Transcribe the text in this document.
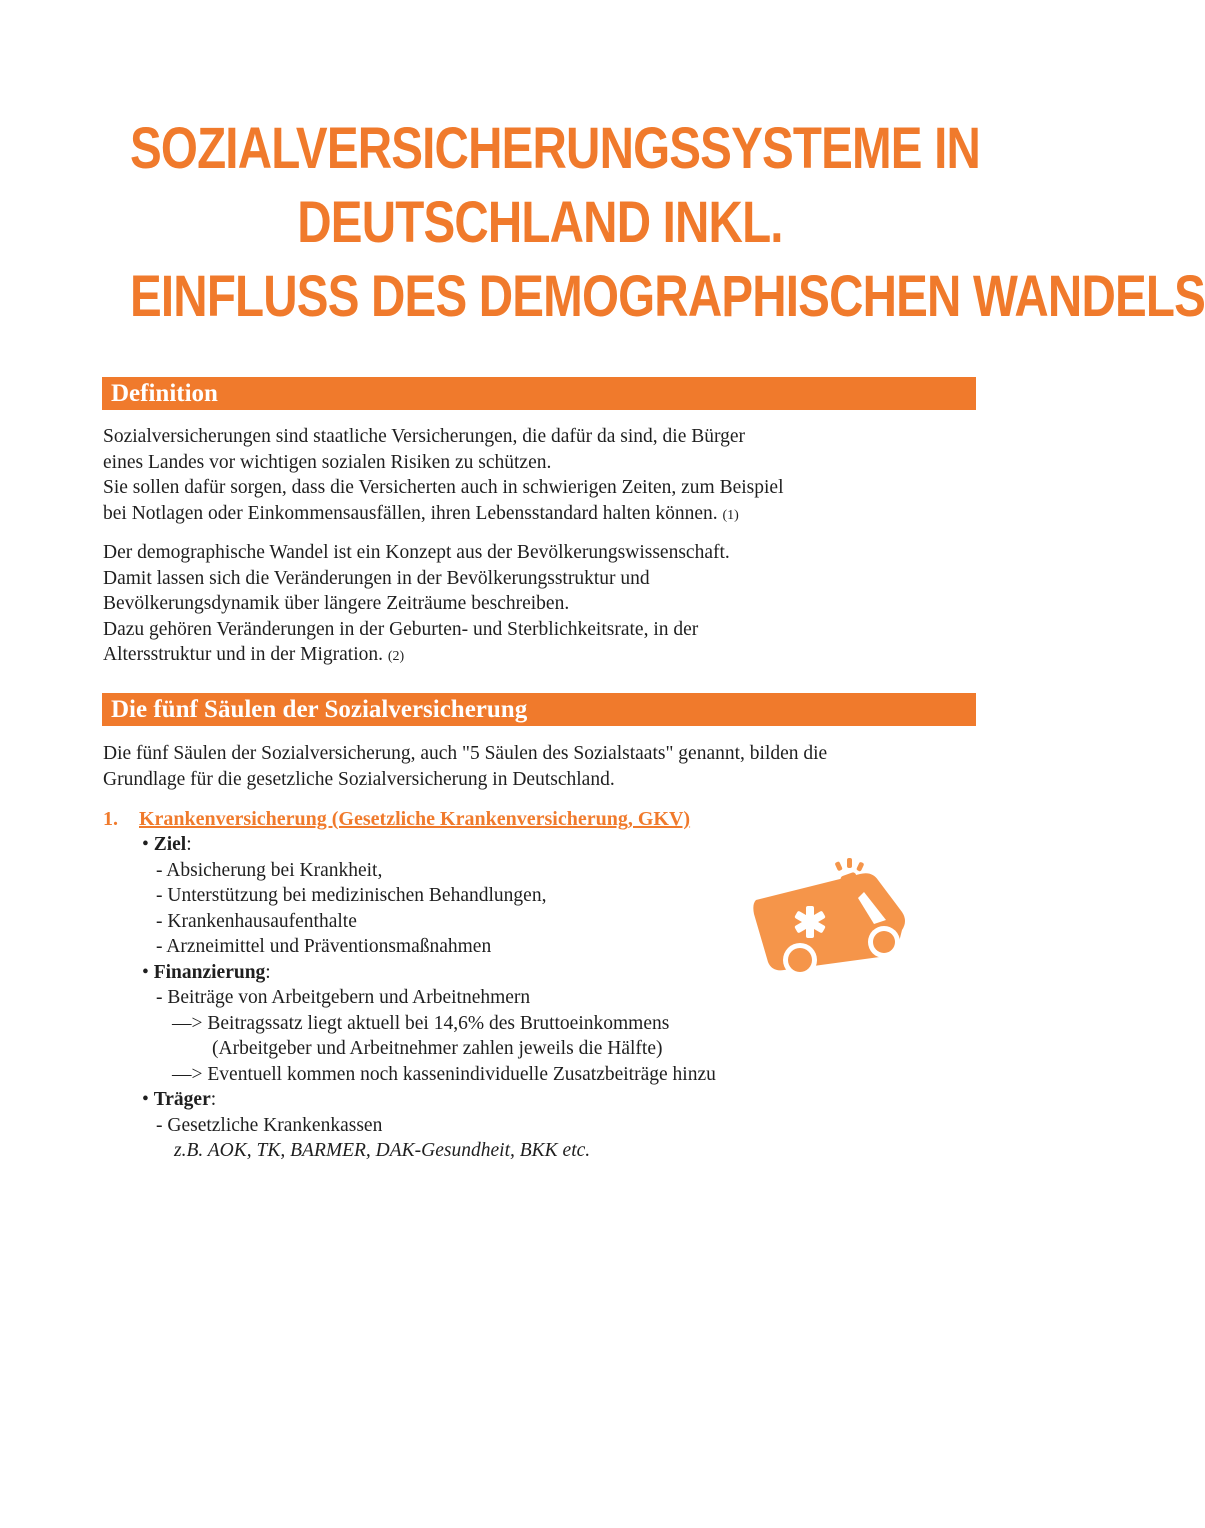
SOZIALVERSICHERUNGSSYSTEME IN
DEUTSCHLAND INKL.
EINFLUSS DES DEMOGRAPHISCHEN WANDELS
Definition
Sozialversicherungen sind staatliche Versicherungen, die dafür da sind, die Bürger
eines Landes vor wichtigen sozialen Risiken zu schützen.
Sie sollen dafür sorgen, dass die Versicherten auch in schwierigen Zeiten, zum Beispiel
bei Notlagen oder Einkommensausfällen, ihren Lebensstandard halten können. (1)
Der demographische Wandel ist ein Konzept aus der Bevölkerungswissenschaft.
Damit lassen sich die Veränderungen in der Bevölkerungsstruktur und
Bevölkerungsdynamik über längere Zeiträume beschreiben.
Dazu gehören Veränderungen in der Geburten- und Sterblichkeitsrate, in der
Altersstruktur und in der Migration. (2)
Die fünf Säulen der Sozialversicherung
Die fünf Säulen der Sozialversicherung, auch "5 Säulen des Sozialstaats" genannt, bilden die
Grundlage für die gesetzliche Sozialversicherung in Deutschland.
1. Krankenversicherung (Gesetzliche Krankenversicherung, GKV)
• Ziel:
- Absicherung bei Krankheit,
- Unterstützung bei medizinischen Behandlungen,
- Krankenhausaufenthalte
- Arzneimittel und Präventionsmaßnahmen
• Finanzierung:
- Beiträge von Arbeitgebern und Arbeitnehmern
—> Beitragssatz liegt aktuell bei 14,6% des Bruttoeinkommens
(Arbeitgeber und Arbeitnehmer zahlen jeweils die Hälfte)
—> Eventuell kommen noch kassenindividuelle Zusatzbeiträge hinzu
• Träger:
- Gesetzliche Krankenkassen
z.B. AOK, TK, BARMER, DAK-Gesundheit, BKK etc.
